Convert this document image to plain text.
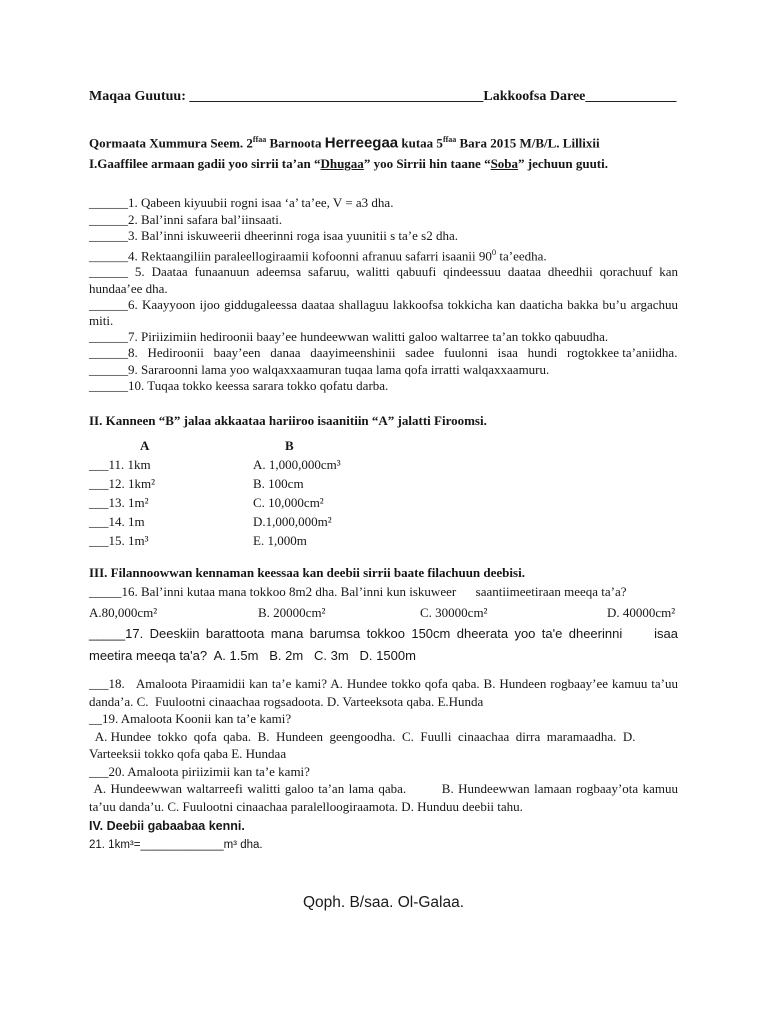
Maqaa Guutuu: __________________________________________Lakkoofsa Daree_____________

Qormaata Xummura Seem. $2^{ffaa}$ Barnoota Herreegaa kutaa $5^{ffaa}$ Bara 2015 M/B/L. Lillixii

I.Gaaffilee armaan gadii yoo sirrii ta’an “Dhugaa” yoo Sirrii hin taane “Soba” jechuun guuti.

______1. Qabeen kiyuubii rogni isaa ‘a’ ta’ee, V = a3 dha.

______2. Bal’inni safara bal’iinsaati.

______3. Bal’inni iskuweerii dheerinni roga isaa yuunitii s ta’e s2 dha.

______4. Rektaangiliin paraleellogiraamii kofoonni afranuu safarri isaanii $90^0$ ta’eedha.

______ 5. Daataa funaanuun adeemsa safaruu, walitti qabuufi qindeessuu daataa dheedhii qorachuuf kan hundaa’ee dha.

______6. Kaayyoon ijoo giddugaleessa daataa shallaguu lakkoofsa tokkicha kan daaticha bakka bu’u argachuu miti.

______7. Piriizimiin hediroonii baay’ee hundeewwan walitti galoo waltarree ta’an tokko qabuudha.

______8.   Hediroonii   baay’een   danaa   daayimeenshinii   sadee   fuulonni   isaa   hundi   rogtokkee ta’aniidha.

______9. Sararoonni lama yoo walqaxxaamuran tuqaa lama qofa irratti walqaxxaamuru.

______10. Tuqaa tokko keessa sarara tokko qofatu darba.

II. Kanneen “B” jalaa akkaataa hariiroo isaanitiin “A” jalatti Firoomsi.

A	B
___11. 1km	A. 1,000,000cm³
___12. 1km²	B. 100cm
___13. 1m²	C. 10,000cm²
___14. 1m	D.1,000,000m²
___15. 1m³	E. 1,000m

III. Filannoowwan kennaman keessaa kan deebii sirrii baate filachuun deebisi.

_____16. Bal’inni kutaa mana tokkoo 8m2 dha. Bal’inni kun iskuweer      saantiimeetiraan meeqa ta’a?

A.80,000cm²	B. 20000cm²	C. 30000cm²	D. 40000cm²

_____17. Deeskiin barattoota mana barumsa tokkoo 150cm dheerata yoo ta'e dheerinni     isaa meetira meeqa ta'a?  A. 1.5m   B. 2m   C. 3m   D. 1500m

___18.   Amaloota Piraamidii kan ta’e kami? A. Hundee tokko qofa qaba. B. Hundeen rogbaay’ee kamuu ta’uu danda’a. C.  Fuulootni cinaachaa rogsadoota. D. Varteeksota qaba. E.Hunda

__19. Amaloota Koonii kan ta’e kami?

A. Hundee  tokko  qofa  qaba.  B.  Hundeen  geengoodha.  C.  Fuulli  cinaachaa  dirra  maramaadha.  D. Varteeksii tokko qofa qaba E. Hundaa

___20. Amaloota piriizimii kan ta’e kami?

A. Hundeewwan waltarreefi walitti galoo ta’an lama qaba.        B. Hundeewwan lamaan rogbaay’ota kamuu ta’uu danda’u. C. Fuulootni cinaachaa paralelloogiraamota. D. Hunduu deebii tahu.

IV. Deebii gabaabaa kenni.

21. 1km³=_____________m³ dha.

Qoph. B/saa. Ol-Galaa.
